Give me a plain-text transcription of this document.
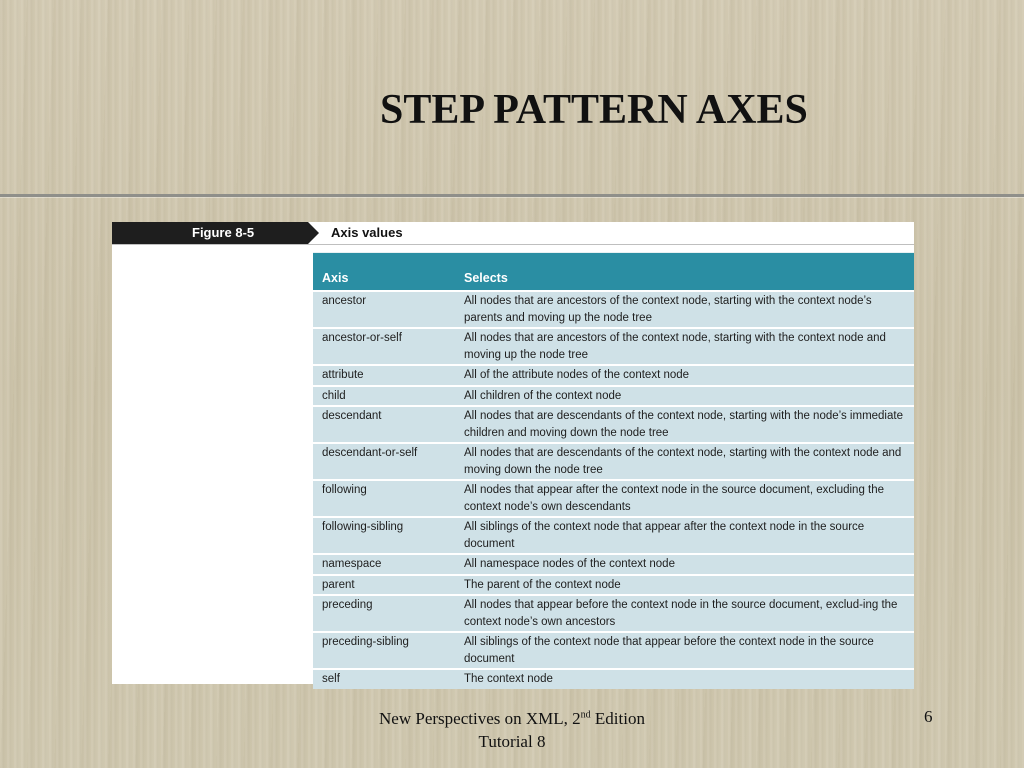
STEP PATTERN AXES
Figure 8-5	Axis values
Axis	Selects
ancestor	All nodes that are ancestors of the context node, starting with the context node’s parents and moving up the node tree
ancestor-or-self	All nodes that are ancestors of the context node, starting with the context node and moving up the node tree
attribute	All of the attribute nodes of the context node
child	All children of the context node
descendant	All nodes that are descendants of the context node, starting with the node’s immediate children and moving down the node tree
descendant-or-self	All nodes that are descendants of the context node, starting with the context node and moving down the node tree
following	All nodes that appear after the context node in the source document, excluding the context node’s own descendants
following-sibling	All siblings of the context node that appear after the context node in the source document
namespace	All namespace nodes of the context node
parent	The parent of the context node
preceding	All nodes that appear before the context node in the source document, exclud-ing the context node’s own ancestors
preceding-sibling	All siblings of the context node that appear before the context node in the source document
self	The context node
New Perspectives on XML, 2nd Edition
Tutorial 8
6
